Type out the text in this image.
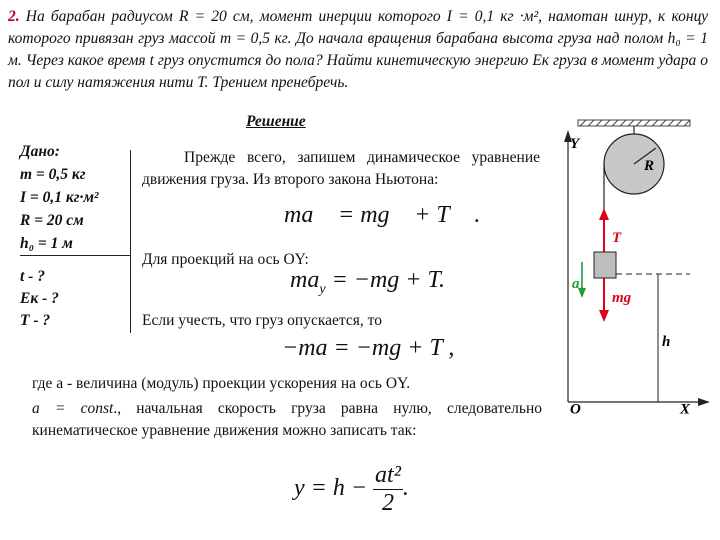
2. На барабан радиусом R = 20 см, момент инерции которого I = 0,1 кг ·м², намотан шнур, к концу которого привязан груз массой m = 0,5 кг. До начала вращения барабана высота груза над полом h₀ = 1 м. Через какое время t груз опустится до пола? Найти кинетическую энергию Eк груза в момент удара о пол и силу натяжения нити T. Трением пренебречь.
Решение
Дано:
m = 0,5 кг
I = 0,1 кг·м²
R = 20 см
h₀ = 1 м
t - ?
Eк - ?
T - ?
Прежде всего, запишем динамическое уравнение движения груза. Из второго закона Ньютона:
ma⃗ = mg⃗ + T⃗ .
Для проекций на ось OY:
$ma_y = -mg + T$.
Если учесть, что груз опускается, то
−ma = −mg + T ,
где a - величина (модуль) проекции ускорения на ось OY.
a = const., начальная скорость груза равна нулю, следовательно кинематическое уравнение движения можно записать так:
$y = h - \frac{\text{at²}}{2}$ .
R
Y
X
O
T
mg
a
h
